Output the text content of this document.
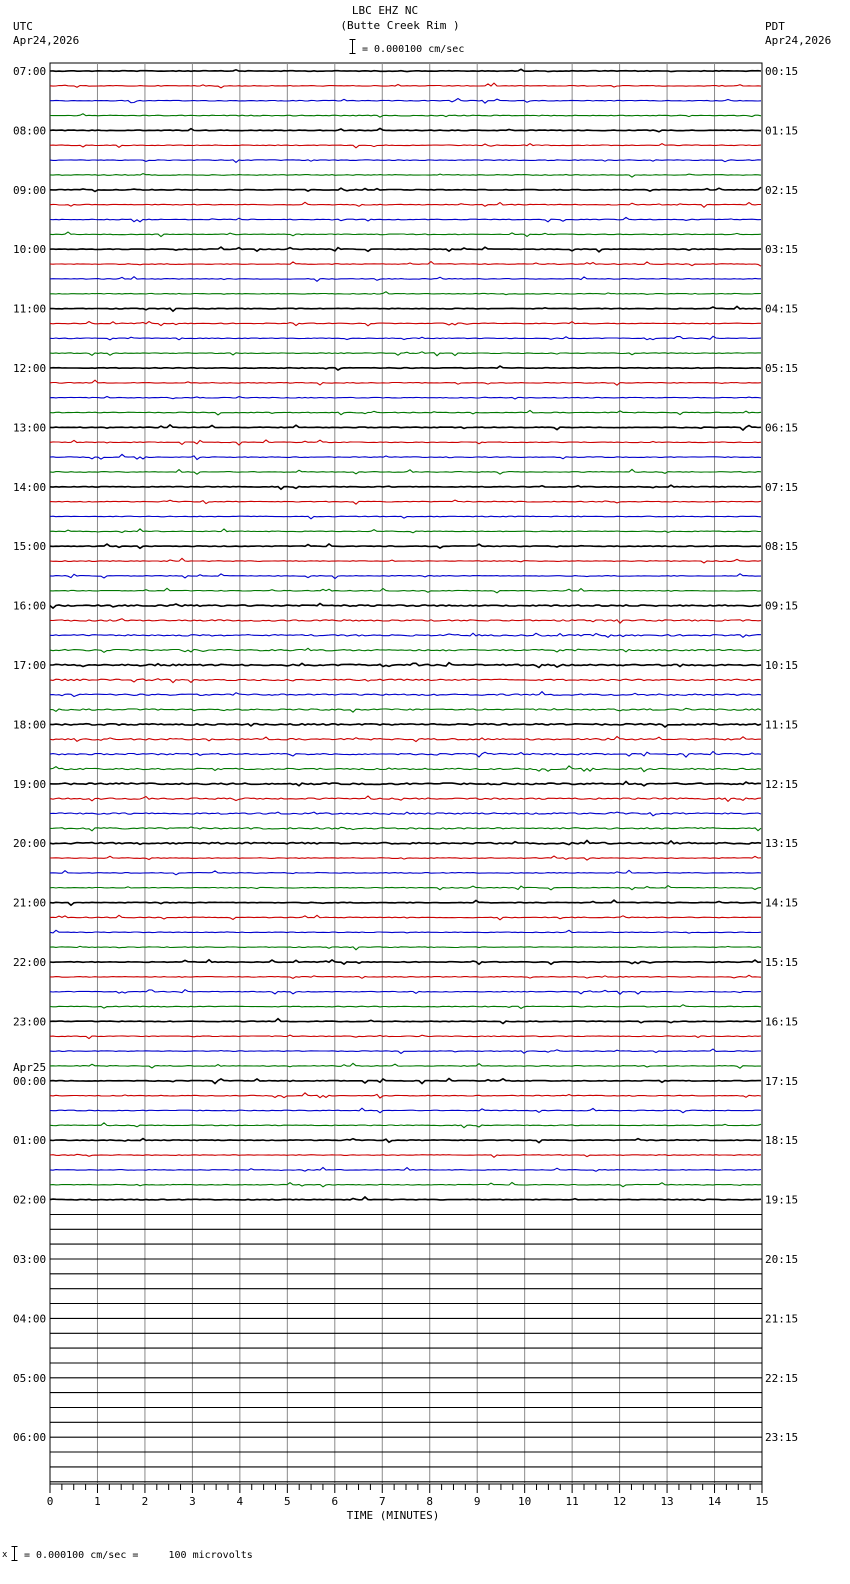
LBC EHZ NC
(Butte Creek Rim )
= 0.000100 cm/sec
UTC
Apr24,2026
PDT
Apr24,2026
07:00
08:00
09:00
10:00
11:00
12:00
13:00
14:00
15:00
16:00
17:00
18:00
19:00
20:00
21:00
22:00
23:00
00:00
Apr25
01:00
02:00
03:00
04:00
05:00
06:00
00:15
01:15
02:15
03:15
04:15
05:15
06:15
07:15
08:15
09:15
10:15
11:15
12:15
13:15
14:15
15:15
16:15
17:15
18:15
19:15
20:15
21:15
22:15
23:15
0	1	2	3	4	5	6	7	8	9	10	11	12	13	14	15
TIME (MINUTES)
x = 0.000100 cm/sec =     100 microvolts
